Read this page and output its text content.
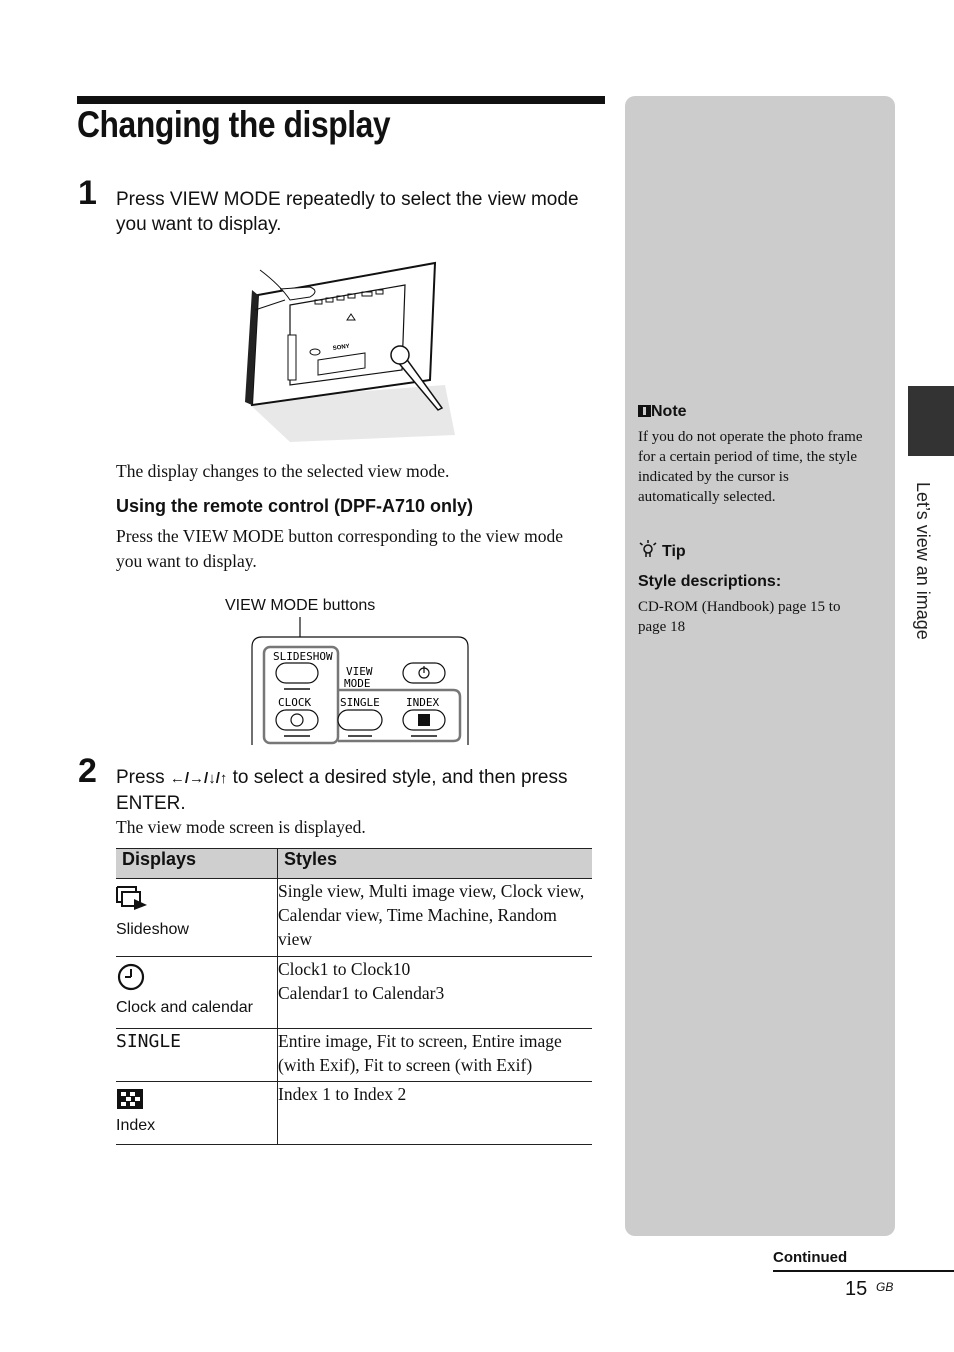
Changing the display
Let’s view an image
Note
If you do not operate the photo frame for a certain period of time, the style indicated by the cursor is automatically selected.
Tip
Style descriptions:
CD-ROM (Handbook) page 15 to page 18
1 Press VIEW MODE repeatedly to select the view mode you want to display.
SONY
The display changes to the selected view mode.
Using the remote control (DPF-A710 only)
Press the VIEW MODE button corresponding to the view mode you want to display.
VIEW MODE buttons
SLIDESHOW
VIEW
MODE
CLOCK	SINGLE INDEX
2 Press ←/→/↓/↑ to select a desired style, and then press ENTER.
The view mode screen is displayed.
Displays	Styles

Slideshow	Single view, Multi image view, Clock view, Calendar view, Time Machine, Random view

Clock and calendar	Clock1 to Clock10
Calendar1 to Calendar3

SINGLE	Entire image, Fit to screen, Entire image (with Exif), Fit to screen (with Exif)

Index	Index 1 to Index 2
Continued
15 GB
